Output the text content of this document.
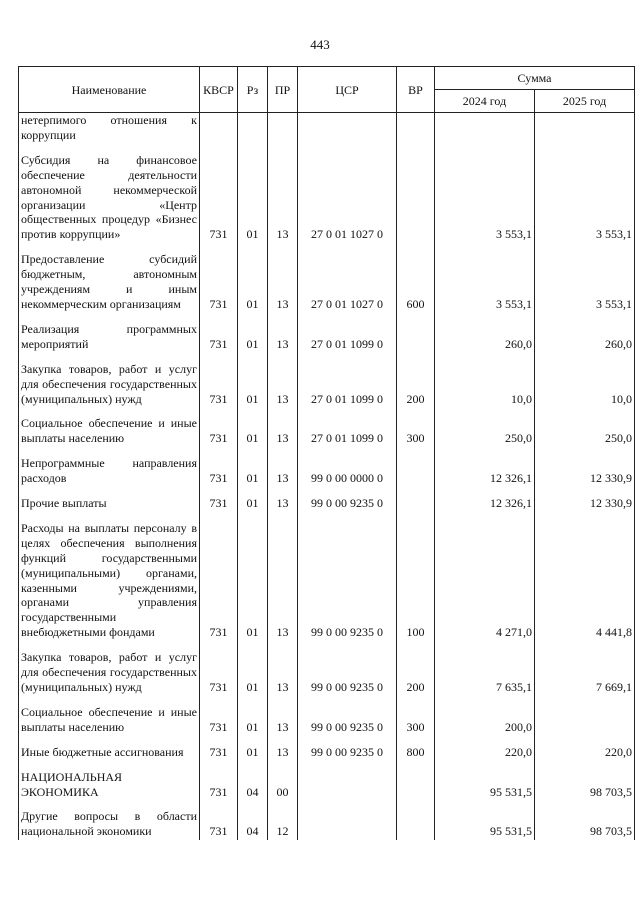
443
Наименование	КВСР	Рз	ПР	ЦСР	ВР	Сумма	
						2024 год	2025 год
нетерпимого отношения к коррупции							
Субсидия на финансовое обеспечение деятельности автономной некоммерческой организации «Центр общественных процедур «Бизнес против коррупции»	731	01	13	27 0 01 1027 0		3 553,1	3 553,1
Предоставление субсидий бюджетным, автономным учреждениям и иным некоммерческим организациям	731	01	13	27 0 01 1027 0	600	3 553,1	3 553,1
Реализация программных мероприятий	731	01	13	27 0 01 1099 0		260,0	260,0
Закупка товаров, работ и услуг для обеспечения государственных (муниципальных) нужд	731	01	13	27 0 01 1099 0	200	10,0	10,0
Социальное обеспечение и иные выплаты населению	731	01	13	27 0 01 1099 0	300	250,0	250,0
Непрограммные направления расходов	731	01	13	99 0 00 0000 0		12 326,1	12 330,9
Прочие выплаты	731	01	13	99 0 00 9235 0		12 326,1	12 330,9
Расходы на выплаты персоналу в целях обеспечения выполнения функций государственными (муниципальными) органами, казенными учреждениями, органами управления государственными внебюджетными фондами	731	01	13	99 0 00 9235 0	100	4 271,0	4 441,8
Закупка товаров, работ и услуг для обеспечения государственных (муниципальных) нужд	731	01	13	99 0 00 9235 0	200	7 635,1	7 669,1
Социальное обеспечение и иные выплаты населению	731	01	13	99 0 00 9235 0	300	200,0	
Иные бюджетные ассигнования	731	01	13	99 0 00 9235 0	800	220,0	220,0
НАЦИОНАЛЬНАЯ ЭКОНОМИКА	731	04	00			95 531,5	98 703,5
Другие вопросы в области национальной экономики	731	04	12			95 531,5	98 703,5
